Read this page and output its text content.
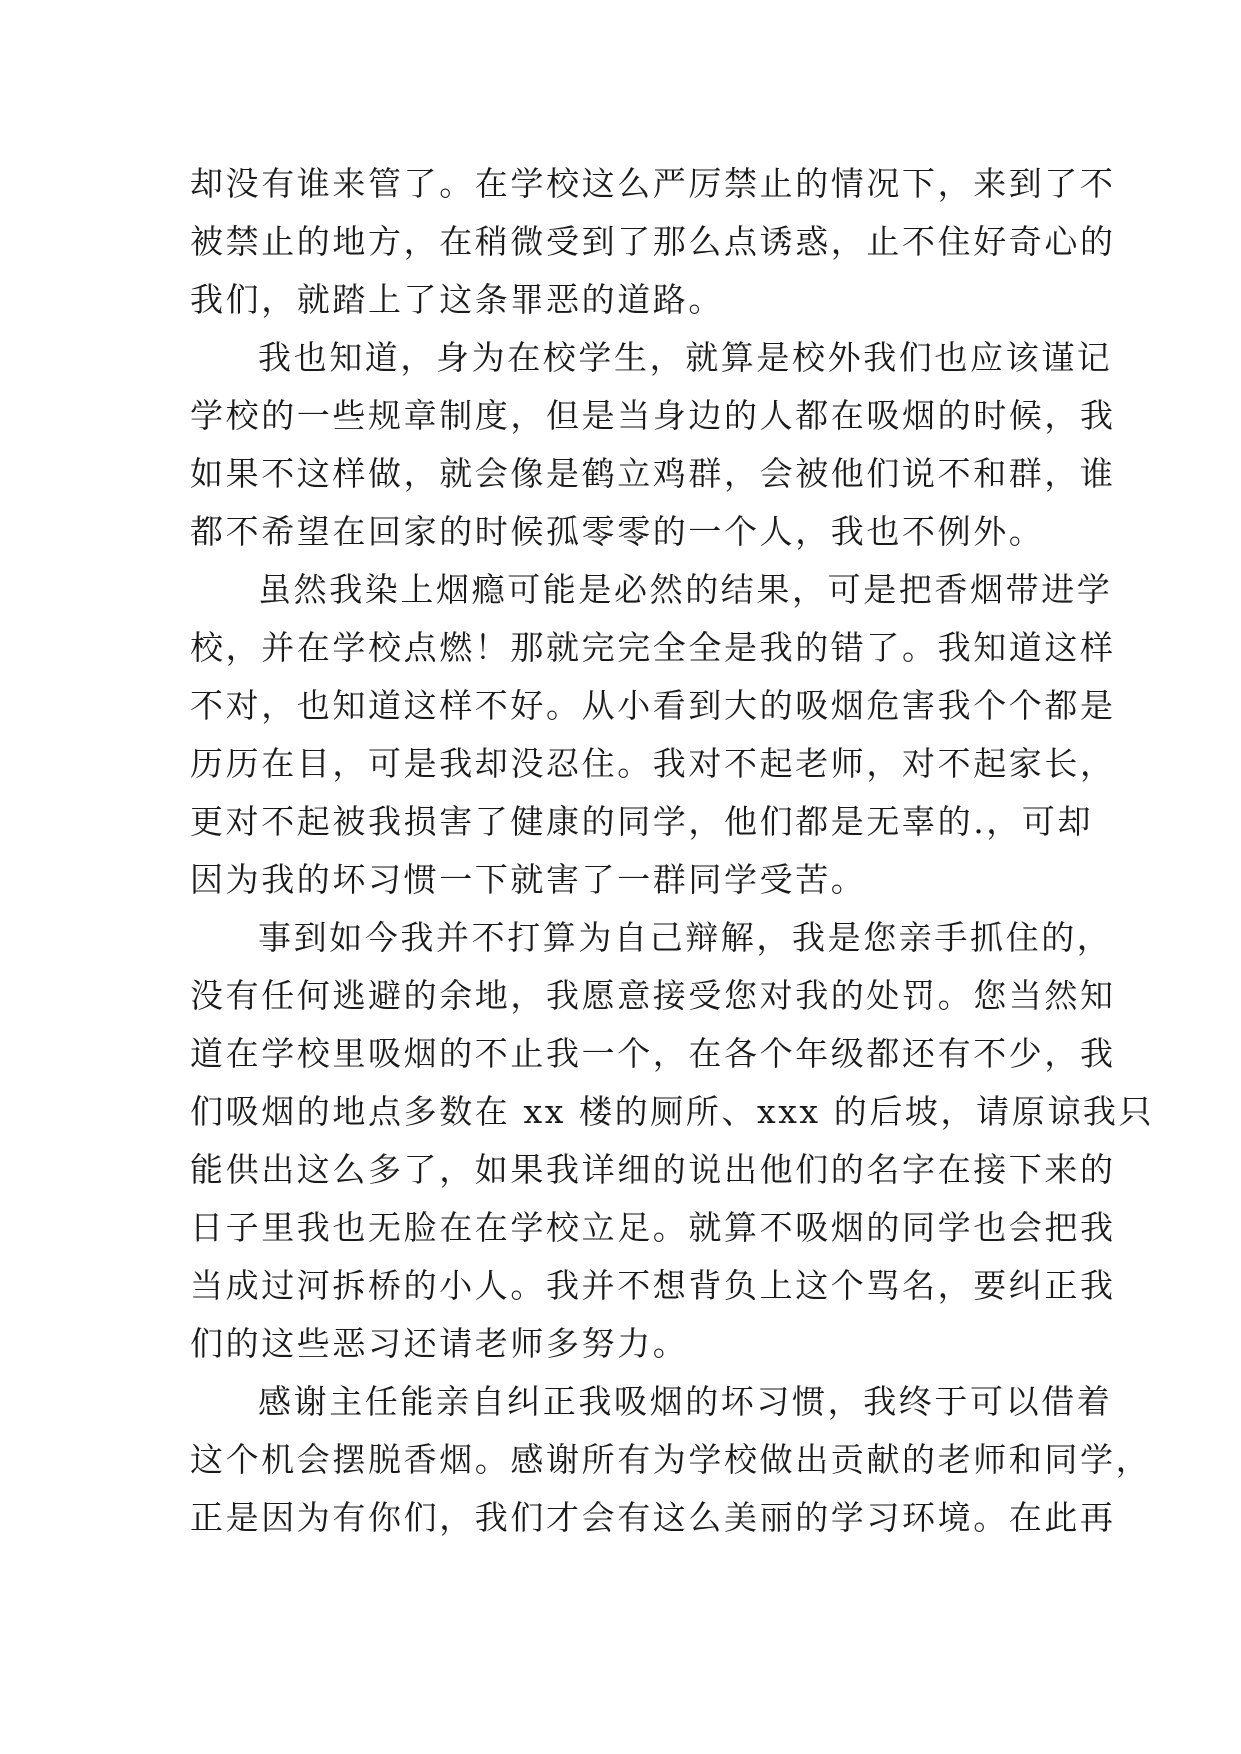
却没有谁来管了。在学校这么严厉禁止的情况下，来到了不
被禁止的地方，在稍微受到了那么点诱惑，止不住好奇心的
我们，就踏上了这条罪恶的道路。
我也知道，身为在校学生，就算是校外我们也应该谨记
学校的一些规章制度，但是当身边的人都在吸烟的时候，我
如果不这样做，就会像是鹤立鸡群，会被他们说不和群，谁
都不希望在回家的时候孤零零的一个人，我也不例外。
虽然我染上烟瘾可能是必然的结果，可是把香烟带进学
校，并在学校点燃！那就完完全全是我的错了。我知道这样
不对，也知道这样不好。从小看到大的吸烟危害我个个都是
历历在目，可是我却没忍住。我对不起老师，对不起家长，
更对不起被我损害了健康的同学，他们都是无辜的.，可却
因为我的坏习惯一下就害了一群同学受苦。
事到如今我并不打算为自己辩解，我是您亲手抓住的，
没有任何逃避的余地，我愿意接受您对我的处罚。您当然知
道在学校里吸烟的不止我一个，在各个年级都还有不少，我
们吸烟的地点多数在 xx 楼的厕所、xxx 的后坡，请原谅我只
能供出这么多了，如果我详细的说出他们的名字在接下来的
日子里我也无脸在在学校立足。就算不吸烟的同学也会把我
当成过河拆桥的小人。我并不想背负上这个骂名，要纠正我
们的这些恶习还请老师多努力。
感谢主任能亲自纠正我吸烟的坏习惯，我终于可以借着
这个机会摆脱香烟。感谢所有为学校做出贡献的老师和同学，
正是因为有你们，我们才会有这么美丽的学习环境。在此再
